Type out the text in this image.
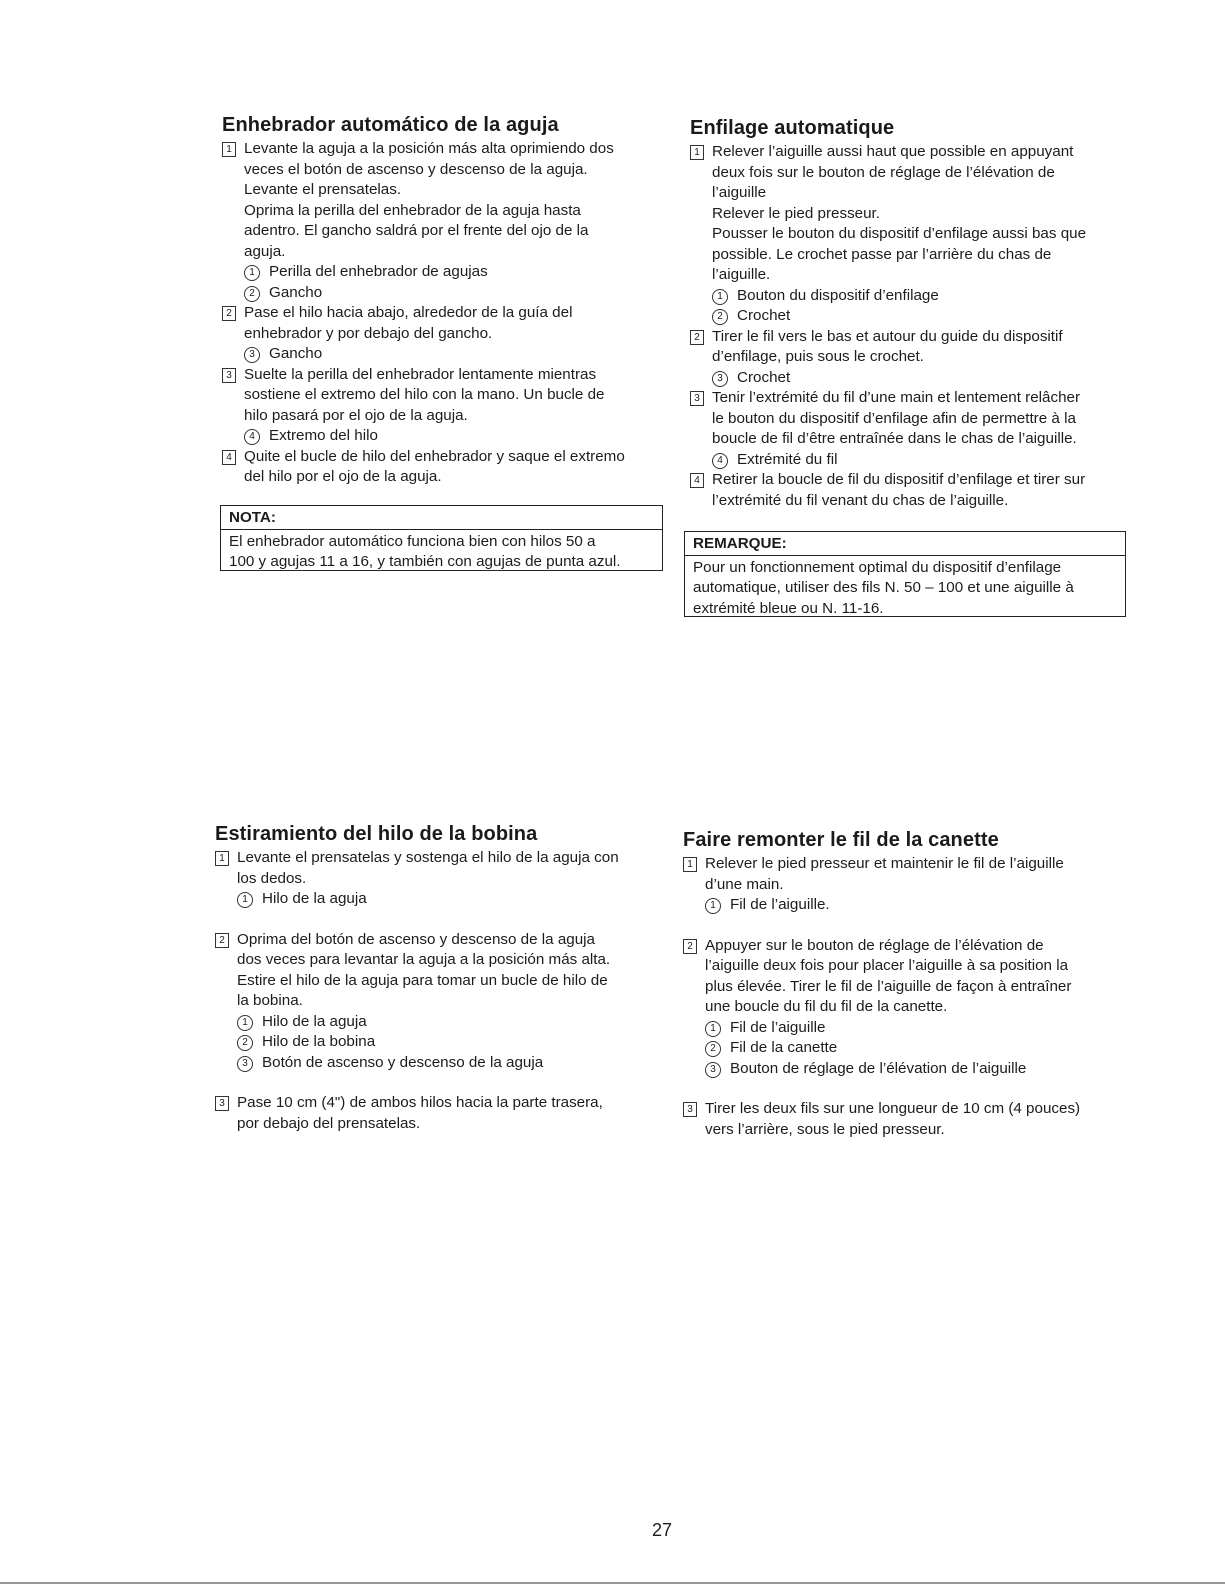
Enhebrador automático de la aguja
1 Levante la aguja a la posición más alta oprimiendo dos
veces el botón de ascenso y descenso de la aguja.
Levante el prensatelas.
Oprima la perilla del enhebrador de la aguja hasta
adentro. El gancho saldrá por el frente del ojo de la
aguja.
1 Perilla del enhebrador de agujas
2 Gancho
2 Pase el hilo hacia abajo, alrededor de la guía del
enhebrador y por debajo del gancho.
3 Gancho
3 Suelte la perilla del enhebrador lentamente mientras
sostiene el extremo del hilo con la mano. Un bucle de
hilo pasará por el ojo de la aguja.
4 Extremo del hilo
4 Quite el bucle de hilo del enhebrador y saque el extremo
del hilo por el ojo de la aguja.
Enfilage automatique
1 Relever l’aiguille aussi haut que possible en appuyant
deux fois sur le bouton de réglage de l’élévation de
l’aiguille
Relever le pied presseur.
Pousser le bouton du dispositif d’enfilage aussi bas que
possible. Le crochet passe par l’arrière du chas de
l’aiguille.
1 Bouton du dispositif d’enfilage
2 Crochet
2 Tirer le fil vers le bas et autour du guide du dispositif
d’enfilage, puis sous le crochet.
3 Crochet
3 Tenir l’extrémité du fil d’une main et lentement relâcher
le bouton du dispositif d’enfilage afin de permettre à la
boucle de fil d’être entraînée dans le chas de l’aiguille.
4 Extrémité du fil
4 Retirer la boucle de fil du dispositif d’enfilage et tirer sur
l’extrémité du fil venant du chas de l’aiguille.
Estiramiento del hilo de la bobina
1 Levante el prensatelas y sostenga el hilo de la aguja con
los dedos.
1 Hilo de la aguja
2 Oprima del botón de ascenso y descenso de la aguja
dos veces para levantar la aguja a la posición más alta.
Estire el hilo de la aguja para tomar un bucle de hilo de
la bobina.
1 Hilo de la aguja
2 Hilo de la bobina
3 Botón de ascenso y descenso de la aguja
3 Pase 10 cm (4") de ambos hilos hacia la parte trasera,
por debajo del prensatelas.
Faire remonter le fil de la canette
1 Relever le pied presseur et maintenir le fil de l’aiguille
d’une main.
1 Fil de l’aiguille.
2 Appuyer sur le bouton de réglage de l’élévation de
l’aiguille deux fois pour placer l’aiguille à sa position la
plus élevée. Tirer le fil de l’aiguille de façon à entraîner
une boucle du fil du fil de la canette.
1 Fil de l’aiguille
2 Fil de la canette
3 Bouton de réglage de l’élévation de l’aiguille
3 Tirer les deux fils sur une longueur de 10 cm (4 pouces)
vers l’arrière, sous le pied presseur.
NOTA:
El enhebrador automático funciona bien con hilos 50 a
100 y agujas 11 a 16, y también con agujas de punta azul.
REMARQUE:
Pour un fonctionnement optimal du dispositif d’enfilage
automatique, utiliser des fils N. 50 – 100 et une aiguille à
extrémité bleue ou N. 11-16.
27
